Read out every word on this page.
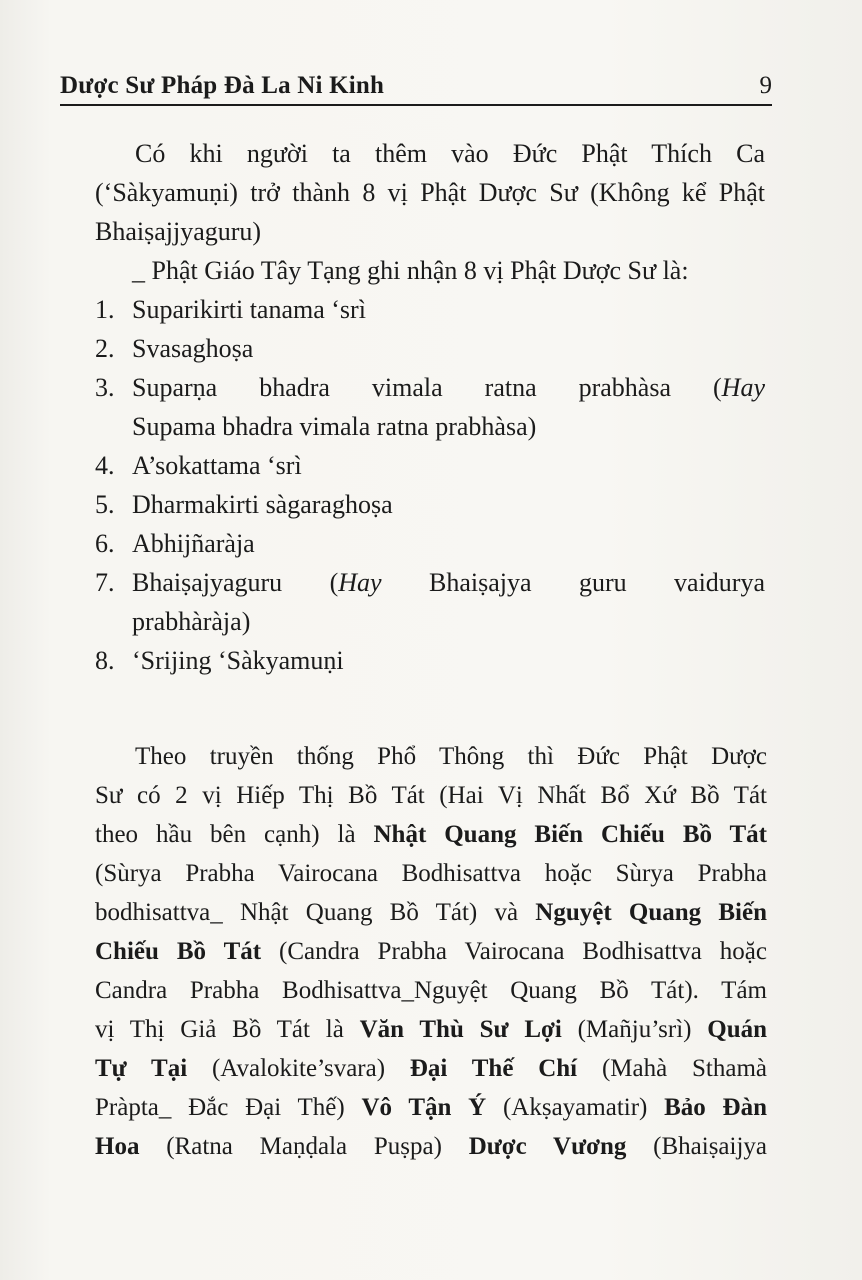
Dược Sư Pháp Đà La Ni Kinh	9
Có khi người ta thêm vào Đức Phật Thích Ca
(‘Sàkyamuṇi) trở thành 8 vị Phật Dược Sư (Không kể Phật
Bhaiṣajjyaguru)
_ Phật Giáo Tây Tạng ghi nhận 8 vị Phật Dược Sư là:
1. Suparikirti tanama ‘srì
2. Svasaghoṣa
3. Suparṇa bhadra vimala ratna prabhàsa (Hay
Supama bhadra vimala ratna prabhàsa)
4. A’sokattama ‘srì
5. Dharmakirti sàgaraghoṣa
6. Abhijñaràja
7. Bhaiṣajyaguru (Hay Bhaiṣajya guru vaidurya
prabhàràja)
8. ‘Srijing ‘Sàkyamuṇi
Theo truyền thống Phổ Thông thì Đức Phật Dược
Sư có 2 vị Hiếp Thị Bồ Tát (Hai Vị Nhất Bổ Xứ Bồ Tát
theo hầu bên cạnh) là Nhật Quang Biến Chiếu Bồ Tát
(Sùrya Prabha Vairocana Bodhisattva hoặc Sùrya Prabha
bodhisattva_ Nhật Quang Bồ Tát) và Nguyệt Quang Biến
Chiếu Bồ Tát (Candra Prabha Vairocana Bodhisattva hoặc
Candra Prabha Bodhisattva_Nguyệt Quang Bồ Tát). Tám
vị Thị Giả Bồ Tát là Văn Thù Sư Lợi (Mañju’srì) Quán
Tự Tại (Avalokite’svara) Đại Thế Chí (Mahà Sthamà
Pràpta_ Đắc Đại Thế) Vô Tận Ý (Akṣayamatir) Bảo Đàn
Hoa (Ratna Maṇḍala Puṣpa) Dược Vương (Bhaiṣaijya
